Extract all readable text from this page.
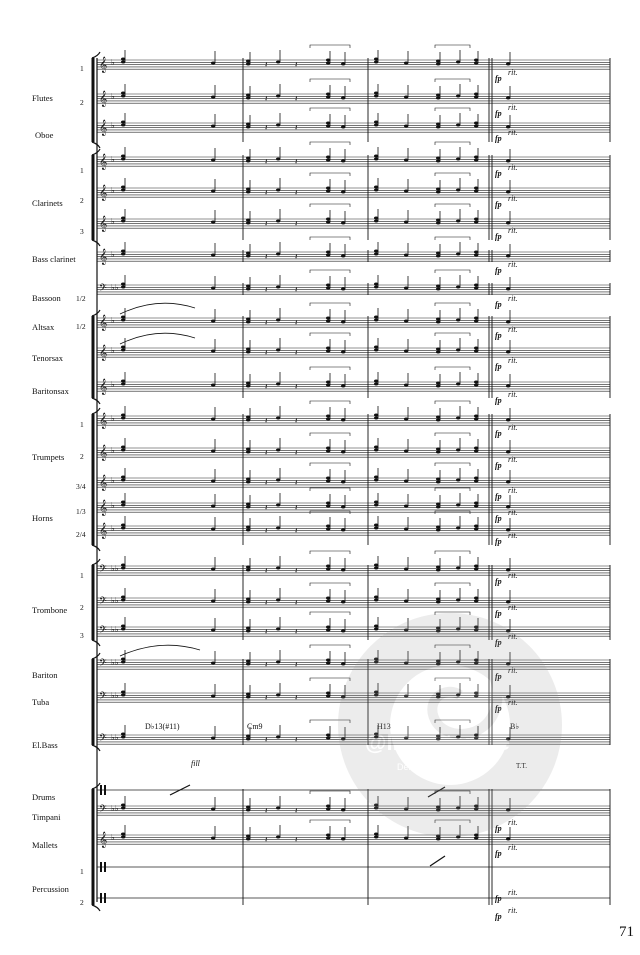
𝄞 ♭
𝄞 ♭
𝄞 ♭
𝄞 ♭
𝄞 ♭
𝄞 ♭
𝄞 ♭
𝄞 ♭
𝄞 ♭
𝄞 ♭
𝄞 ♭
𝄞 ♭
𝄞 ♭
𝄞 ♭
𝄞 ♭
𝄞 ♭
𝄢 ♭♭
𝄢 ♭♭
𝄢 ♭♭
𝄢 ♭♭
𝄢 ♭♭
𝄢 ♭♭
𝄢 ♭♭
𝄢 ♭♭
𝄽	𝄽
𝄽	𝄽
𝄽	𝄽
𝄽	𝄽
𝄽	𝄽
𝄽	𝄽
𝄽	𝄽
𝄽	𝄽
𝄽	𝄽
𝄽	𝄽
𝄽	𝄽
𝄽	𝄽
𝄽	𝄽
𝄽	𝄽
𝄽	𝄽
𝄽	𝄽
𝄽	𝄽
𝄽	𝄽
𝄽	𝄽
𝄽	𝄽
𝄽	𝄽
𝄽	𝄽
𝄽	𝄽
𝄽	𝄽
Flutes
1
2
Oboe
Clarinets
1
2
3
Bass clarinet
Bassoon 1/2
Altsax	1/2
Tenorsax
Baritonsax
Trumpets
1
2
3/4
Horns
1/3
2/4
Trombone
1
2
3
Bariton
Tuba
El.Bass
Drums
Timpani
Mallets
Percussion
1
2
D♭13(#11)	Cm9	H13	B♭
fill	T.T.
fp
rit.
fp
rit.
fp
rit.
fp
rit.
fp
rit.
fp
rit.
fp
rit.
fp
rit.
fp
rit.
fp
rit.
fp
rit.
fp
rit.
fp
rit.
fp
rit.
fp
rit.
fp
rit.
fp
rit.
fp
rit.
fp
rit.
fp
rit.
fp
rit.
fp
rit.
fp
rit.
fp
rit.
fp
rit.
71
@lle-noten.de
Der Online-Notenshop
